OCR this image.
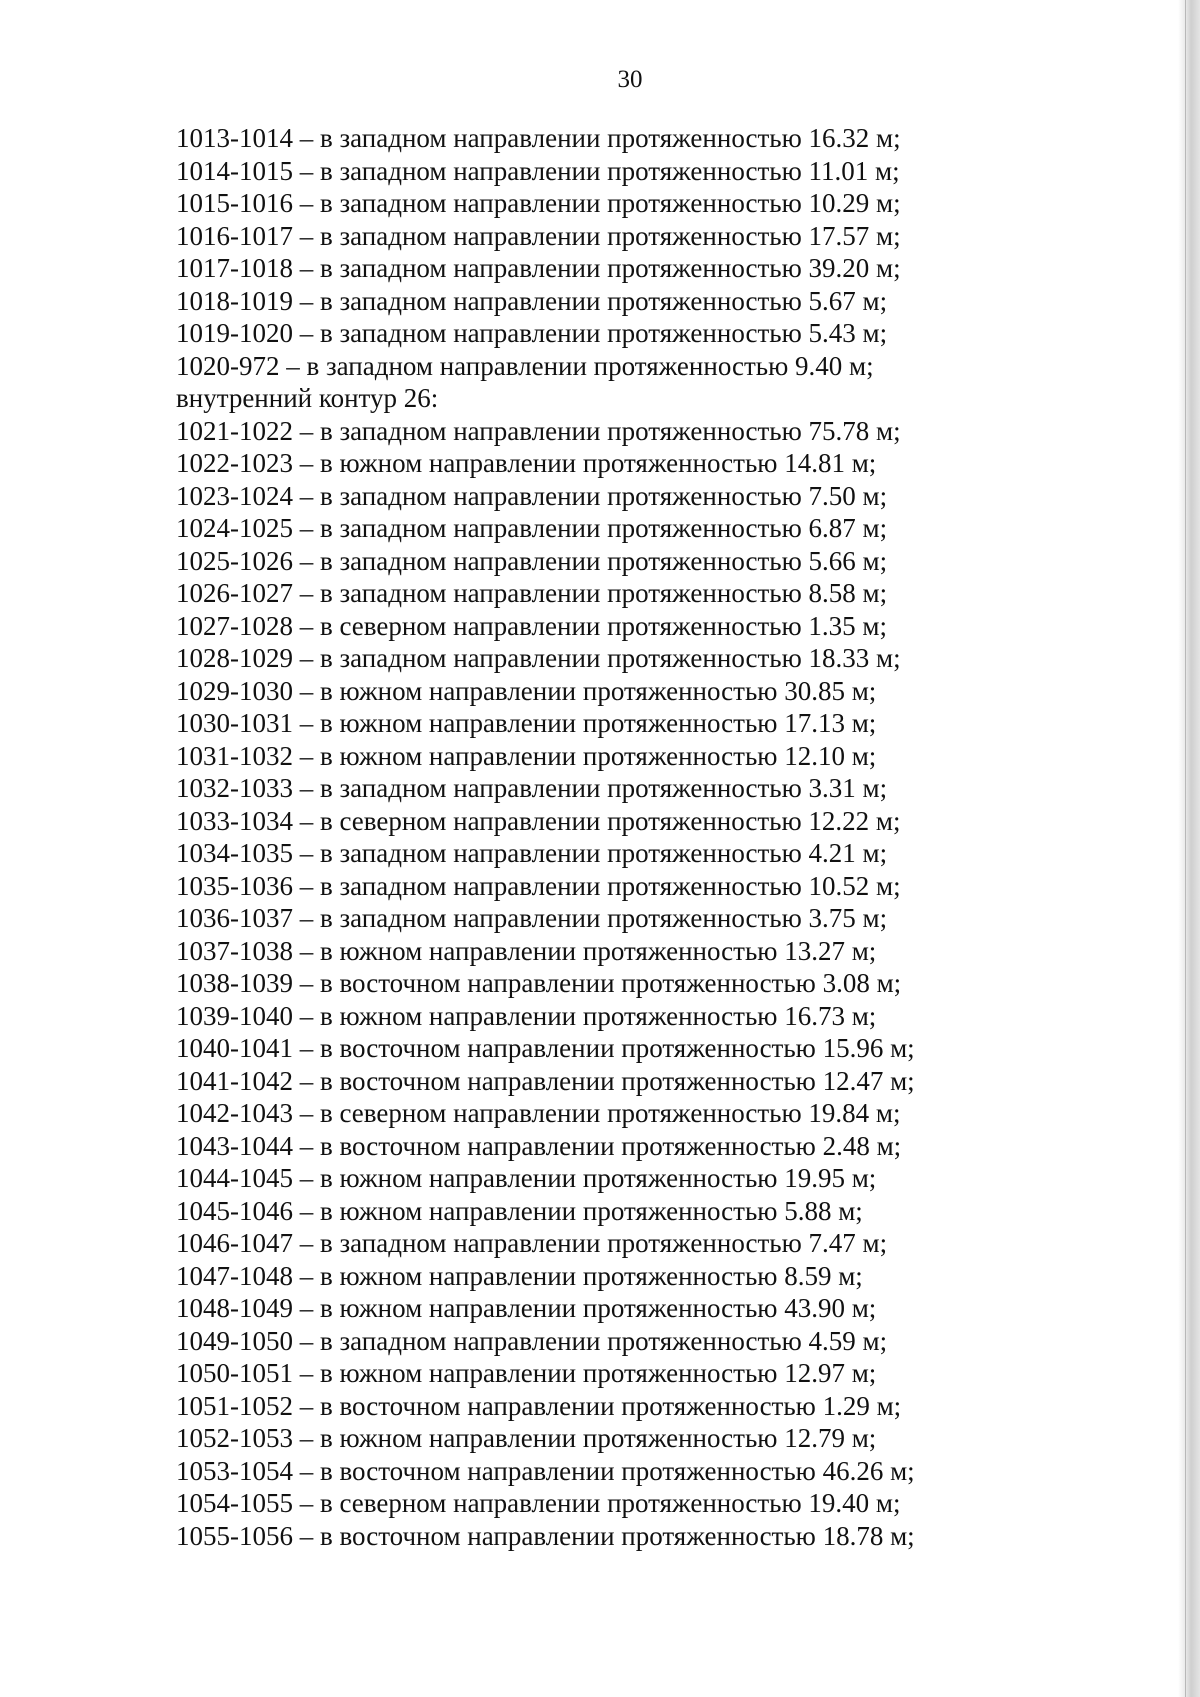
30
1013-1014 – в западном направлении протяженностью 16.32 м;
1014-1015 – в западном направлении протяженностью 11.01 м;
1015-1016 – в западном направлении протяженностью 10.29 м;
1016-1017 – в западном направлении протяженностью 17.57 м;
1017-1018 – в западном направлении протяженностью 39.20 м;
1018-1019 – в западном направлении протяженностью 5.67 м;
1019-1020 – в западном направлении протяженностью 5.43 м;
1020-972 – в западном направлении протяженностью 9.40 м;
внутренний контур 26:
1021-1022 – в западном направлении протяженностью 75.78 м;
1022-1023 – в южном направлении протяженностью 14.81 м;
1023-1024 – в западном направлении протяженностью 7.50 м;
1024-1025 – в западном направлении протяженностью 6.87 м;
1025-1026 – в западном направлении протяженностью 5.66 м;
1026-1027 – в западном направлении протяженностью 8.58 м;
1027-1028 – в северном направлении протяженностью 1.35 м;
1028-1029 – в западном направлении протяженностью 18.33 м;
1029-1030 – в южном направлении протяженностью 30.85 м;
1030-1031 – в южном направлении протяженностью 17.13 м;
1031-1032 – в южном направлении протяженностью 12.10 м;
1032-1033 – в западном направлении протяженностью 3.31 м;
1033-1034 – в северном направлении протяженностью 12.22 м;
1034-1035 – в западном направлении протяженностью 4.21 м;
1035-1036 – в западном направлении протяженностью 10.52 м;
1036-1037 – в западном направлении протяженностью 3.75 м;
1037-1038 – в южном направлении протяженностью 13.27 м;
1038-1039 – в восточном направлении протяженностью 3.08 м;
1039-1040 – в южном направлении протяженностью 16.73 м;
1040-1041 – в восточном направлении протяженностью 15.96 м;
1041-1042 – в восточном направлении протяженностью 12.47 м;
1042-1043 – в северном направлении протяженностью 19.84 м;
1043-1044 – в восточном направлении протяженностью 2.48 м;
1044-1045 – в южном направлении протяженностью 19.95 м;
1045-1046 – в южном направлении протяженностью 5.88 м;
1046-1047 – в западном направлении протяженностью 7.47 м;
1047-1048 – в южном направлении протяженностью 8.59 м;
1048-1049 – в южном направлении протяженностью 43.90 м;
1049-1050 – в западном направлении протяженностью 4.59 м;
1050-1051 – в южном направлении протяженностью 12.97 м;
1051-1052 – в восточном направлении протяженностью 1.29 м;
1052-1053 – в южном направлении протяженностью 12.79 м;
1053-1054 – в восточном направлении протяженностью 46.26 м;
1054-1055 – в северном направлении протяженностью 19.40 м;
1055-1056 – в восточном направлении протяженностью 18.78 м;
